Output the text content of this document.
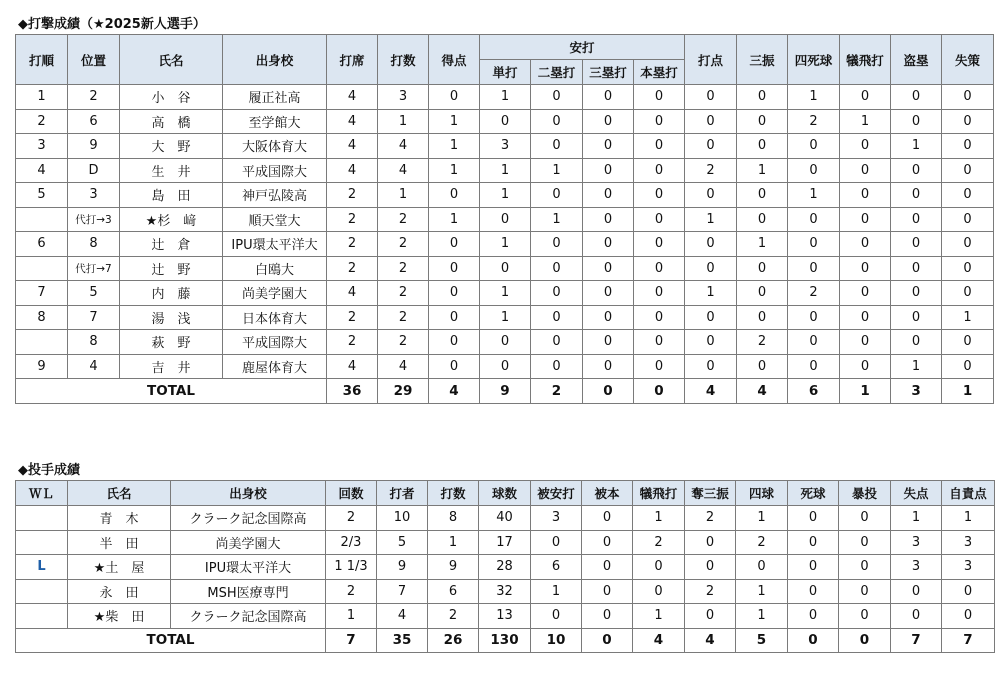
◆打撃成績（★2025新人選手）
打順	位置	氏名	出身校	打席	打数	得点	安打				打点	三振	四死球	犠飛打	盗塁	失策
							単打	二塁打	三塁打	本塁打						
1	2	小　谷	履正社高	4	3	0	1	0	0	0	0	0	1	0	0	0
2	6	高　橋	至学館大	4	1	1	0	0	0	0	0	0	2	1	0	0
3	9	大　野	大阪体育大	4	4	1	3	0	0	0	0	0	0	0	1	0
4	D	生　井	平成国際大	4	4	1	1	1	0	0	2	1	0	0	0	0
5	3	島　田	神戸弘陵高	2	1	0	1	0	0	0	0	0	1	0	0	0
	代打→3	★杉　﨑	順天堂大	2	2	1	0	1	0	0	1	0	0	0	0	0
6	8	辻　倉	IPU環太平洋大	2	2	0	1	0	0	0	0	1	0	0	0	0
	代打→7	辻　野	白鴎大	2	2	0	0	0	0	0	0	0	0	0	0	0
7	5	内　藤	尚美学園大	4	2	0	1	0	0	0	1	0	2	0	0	0
8	7	湯　浅	日本体育大	2	2	0	1	0	0	0	0	0	0	0	0	1
	8	萩　野	平成国際大	2	2	0	0	0	0	0	0	2	0	0	0	0
9	4	吉　井	鹿屋体育大	4	4	0	0	0	0	0	0	0	0	0	1	0
TOTAL				36	29	4	9	2	0	0	4	4	6	1	3	1
◆投手成績
ＷＬ	氏名	出身校	回数	打者	打数	球数	被安打	被本	犠飛打	奪三振	四球	死球	暴投	失点	自責点
	青　木	クラーク記念国際高	2	10	8	40	3	0	1	2	1	0	0	1	1
	半　田	尚美学園大	2/3	5	1	17	0	0	2	0	2	0	0	3	3
L	★土　屋	IPU環太平洋大	1 1/3	9	9	28	6	0	0	0	0	0	0	3	3
	永　田	MSH医療専門	2	7	6	32	1	0	0	2	1	0	0	0	0
	★柴　田	クラーク記念国際高	1	4	2	13	0	0	1	0	1	0	0	0	0
TOTAL			7	35	26	130	10	0	4	4	5	0	0	7	7
